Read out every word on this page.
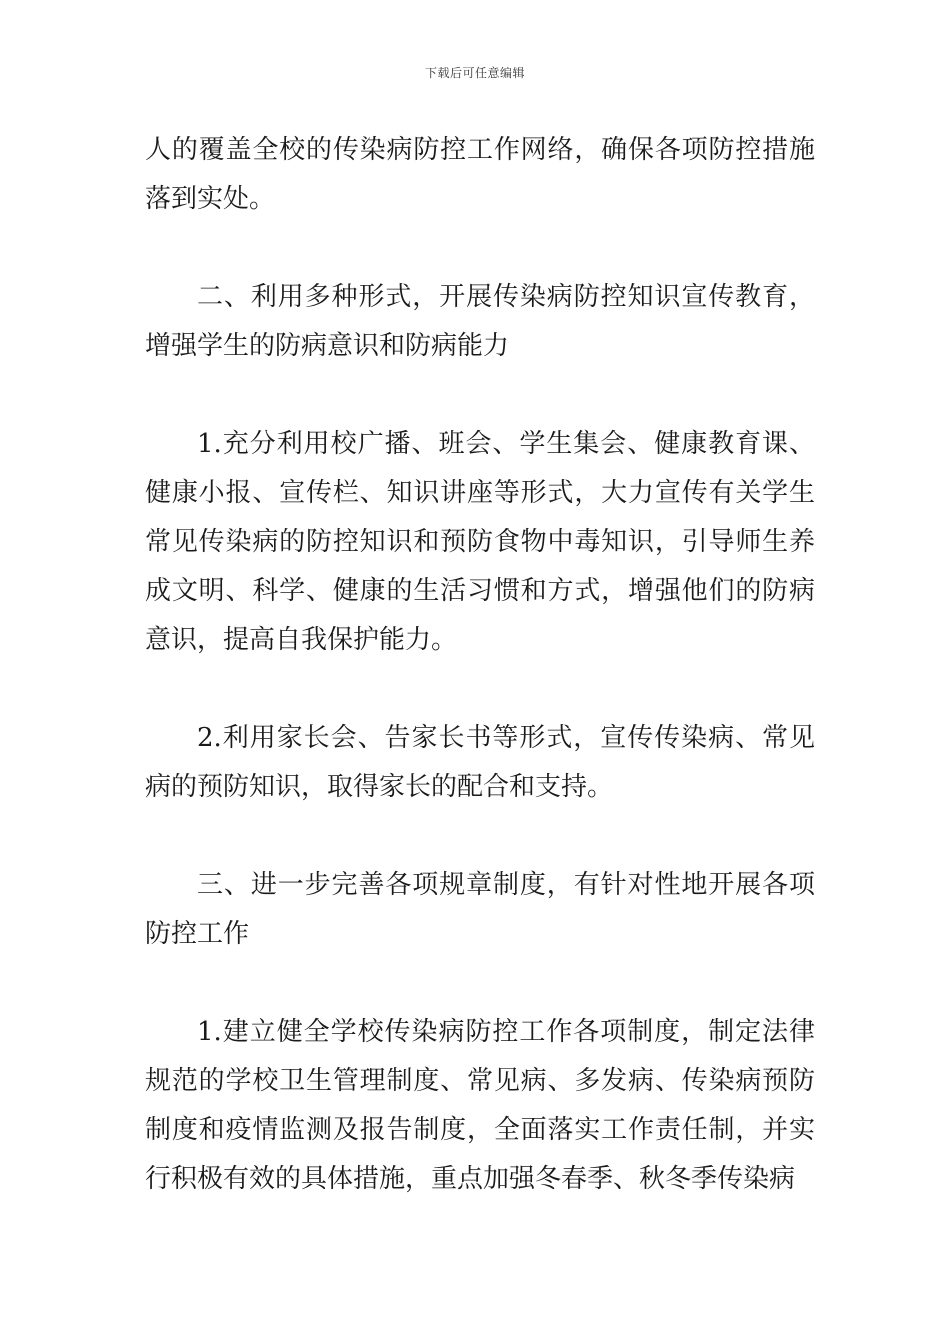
下载后可任意编辑

人的覆盖全校的传染病防控工作网络，确保各项防控措施落到实处。

二、利用多种形式，开展传染病防控知识宣传教育，增强学生的防病意识和防病能力

1.充分利用校广播、班会、学生集会、健康教育课、健康小报、宣传栏、知识讲座等形式，大力宣传有关学生常见传染病的防控知识和预防食物中毒知识，引导师生养成文明、科学、健康的生活习惯和方式，增强他们的防病意识，提高自我保护能力。

2.利用家长会、告家长书等形式，宣传传染病、常见病的预防知识，取得家长的配合和支持。

三、进一步完善各项规章制度，有针对性地开展各项防控工作

1.建立健全学校传染病防控工作各项制度，制定法律规范的学校卫生管理制度、常见病、多发病、传染病预防制度和疫情监测及报告制度，全面落实工作责任制，并实行积极有效的具体措施，重点加强冬春季、秋冬季传染病
